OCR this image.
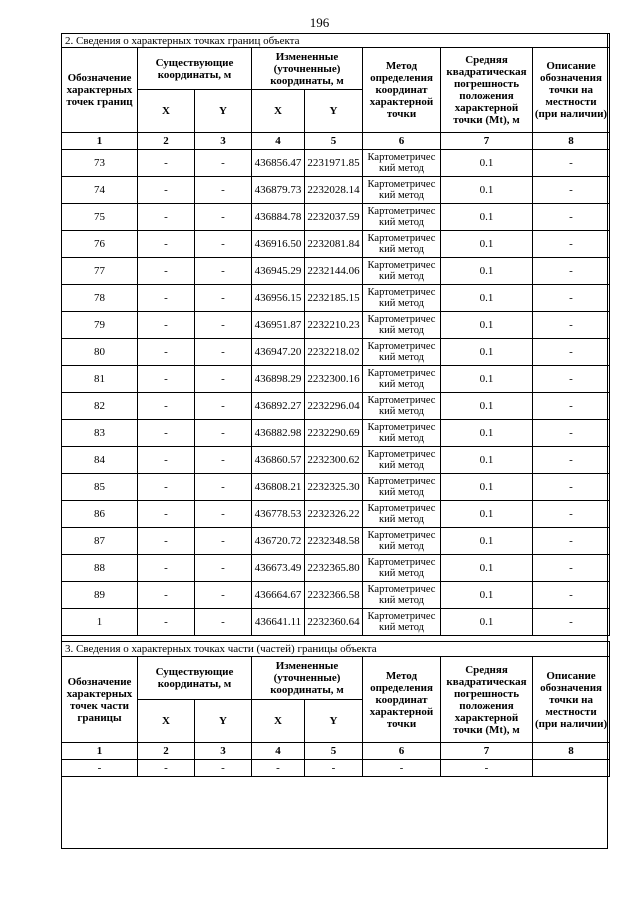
196
2. Сведения о характерных точках границ объекта							
Обозначение характерных точек границ	Существующие координаты, м		Измененные (уточненные) координаты, м		Метод определения координат характерной точки	Средняя квадратическая погрешность положения характерной точки (Mt), м	Описание обозначения точки на местности (при наличии)
	X	Y	X	Y			
1	2	3	4	5	6	7	8
73	-	-	436856.47	2231971.85	Картометричес кий метод	0.1	-
74	-	-	436879.73	2232028.14	Картометричес кий метод	0.1	-
75	-	-	436884.78	2232037.59	Картометричес кий метод	0.1	-
76	-	-	436916.50	2232081.84	Картометричес кий метод	0.1	-
77	-	-	436945.29	2232144.06	Картометричес кий метод	0.1	-
78	-	-	436956.15	2232185.15	Картометричес кий метод	0.1	-
79	-	-	436951.87	2232210.23	Картометричес кий метод	0.1	-
80	-	-	436947.20	2232218.02	Картометричес кий метод	0.1	-
81	-	-	436898.29	2232300.16	Картометричес кий метод	0.1	-
82	-	-	436892.27	2232296.04	Картометричес кий метод	0.1	-
83	-	-	436882.98	2232290.69	Картометричес кий метод	0.1	-
84	-	-	436860.57	2232300.62	Картометричес кий метод	0.1	-
85	-	-	436808.21	2232325.30	Картометричес кий метод	0.1	-
86	-	-	436778.53	2232326.22	Картометричес кий метод	0.1	-
87	-	-	436720.72	2232348.58	Картометричес кий метод	0.1	-
88	-	-	436673.49	2232365.80	Картометричес кий метод	0.1	-
89	-	-	436664.67	2232366.58	Картометричес кий метод	0.1	-
1	-	-	436641.11	2232360.64	Картометричес кий метод	0.1	-
3. Сведения о характерных точках части (частей) границы объекта							
Обозначение характерных точек части границы	Существующие координаты, м		Измененные (уточненные) координаты, м		Метод определения координат характерной точки	Средняя квадратическая погрешность положения характерной точки (Mt), м	Описание обозначения точки на местности (при наличии)
	X	Y	X	Y			
1	2	3	4	5	6	7	8
-	-	-	-	-	-	-	
